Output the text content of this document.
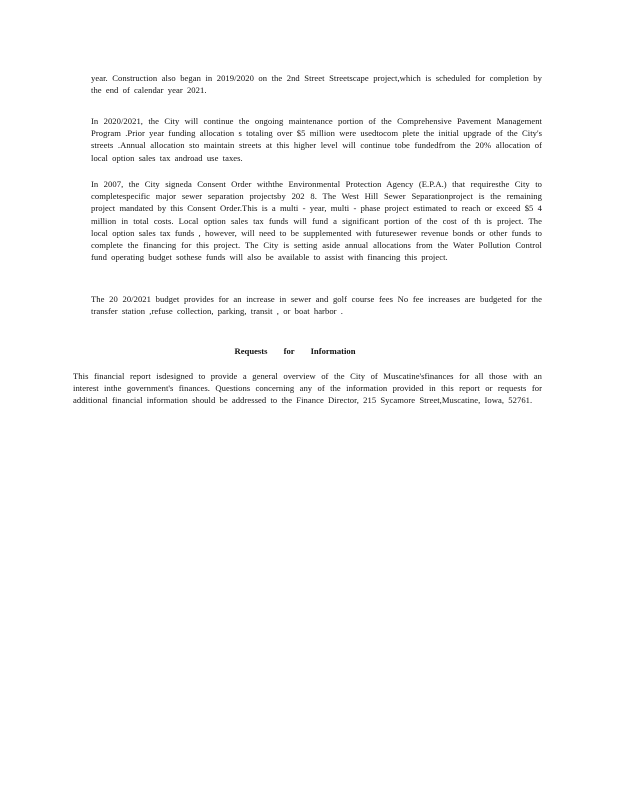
year. Construction also began in 2019/2020 on the 2nd Street Streetscape project,which is scheduled for completion by the end of calendar year 2021.
In 2020/2021, the City will continue the ongoing maintenance portion of the Comprehensive Pavement Management Program .Prior year funding allocation s totaling over $5 million were usedtocom plete the initial upgrade of the City's streets .Annual allocation sto maintain streets at this higher level will continue tobe fundedfrom the 20% allocation of local option sales tax androad use taxes.
In 2007, the City signeda Consent Order withthe Environmental Protection Agency (E.P.A.) that requiresthe City to completespecific major sewer separation projectsby 202 8. The West Hill Sewer Separationproject is the remaining project mandated by this Consent Order.This is a multi - year, multi - phase project estimated to reach or exceed $5 4 million in total costs. Local option sales tax funds will fund a significant portion of the cost of th is project. The local option sales tax funds , however, will need to be supplemented with futuresewer revenue bonds or other funds to complete the financing for this project. The City is setting aside annual allocations from the Water Pollution Control fund operating budget sothese funds will also be available to assist with financing this project.
The 20 20/2021 budget provides for an increase in sewer and golf course fees No fee increases are budgeted for the transfer station ,refuse collection, parking, transit , or boat harbor .
Requests for Information
This financial report isdesigned to provide a general overview of the City of Muscatine'sfinances for all those with an interest inthe government's finances. Questions concerning any of the information provided in this report or requests for additional financial information should be addressed to the Finance Director, 215 Sycamore Street,Muscatine, Iowa, 52761.
